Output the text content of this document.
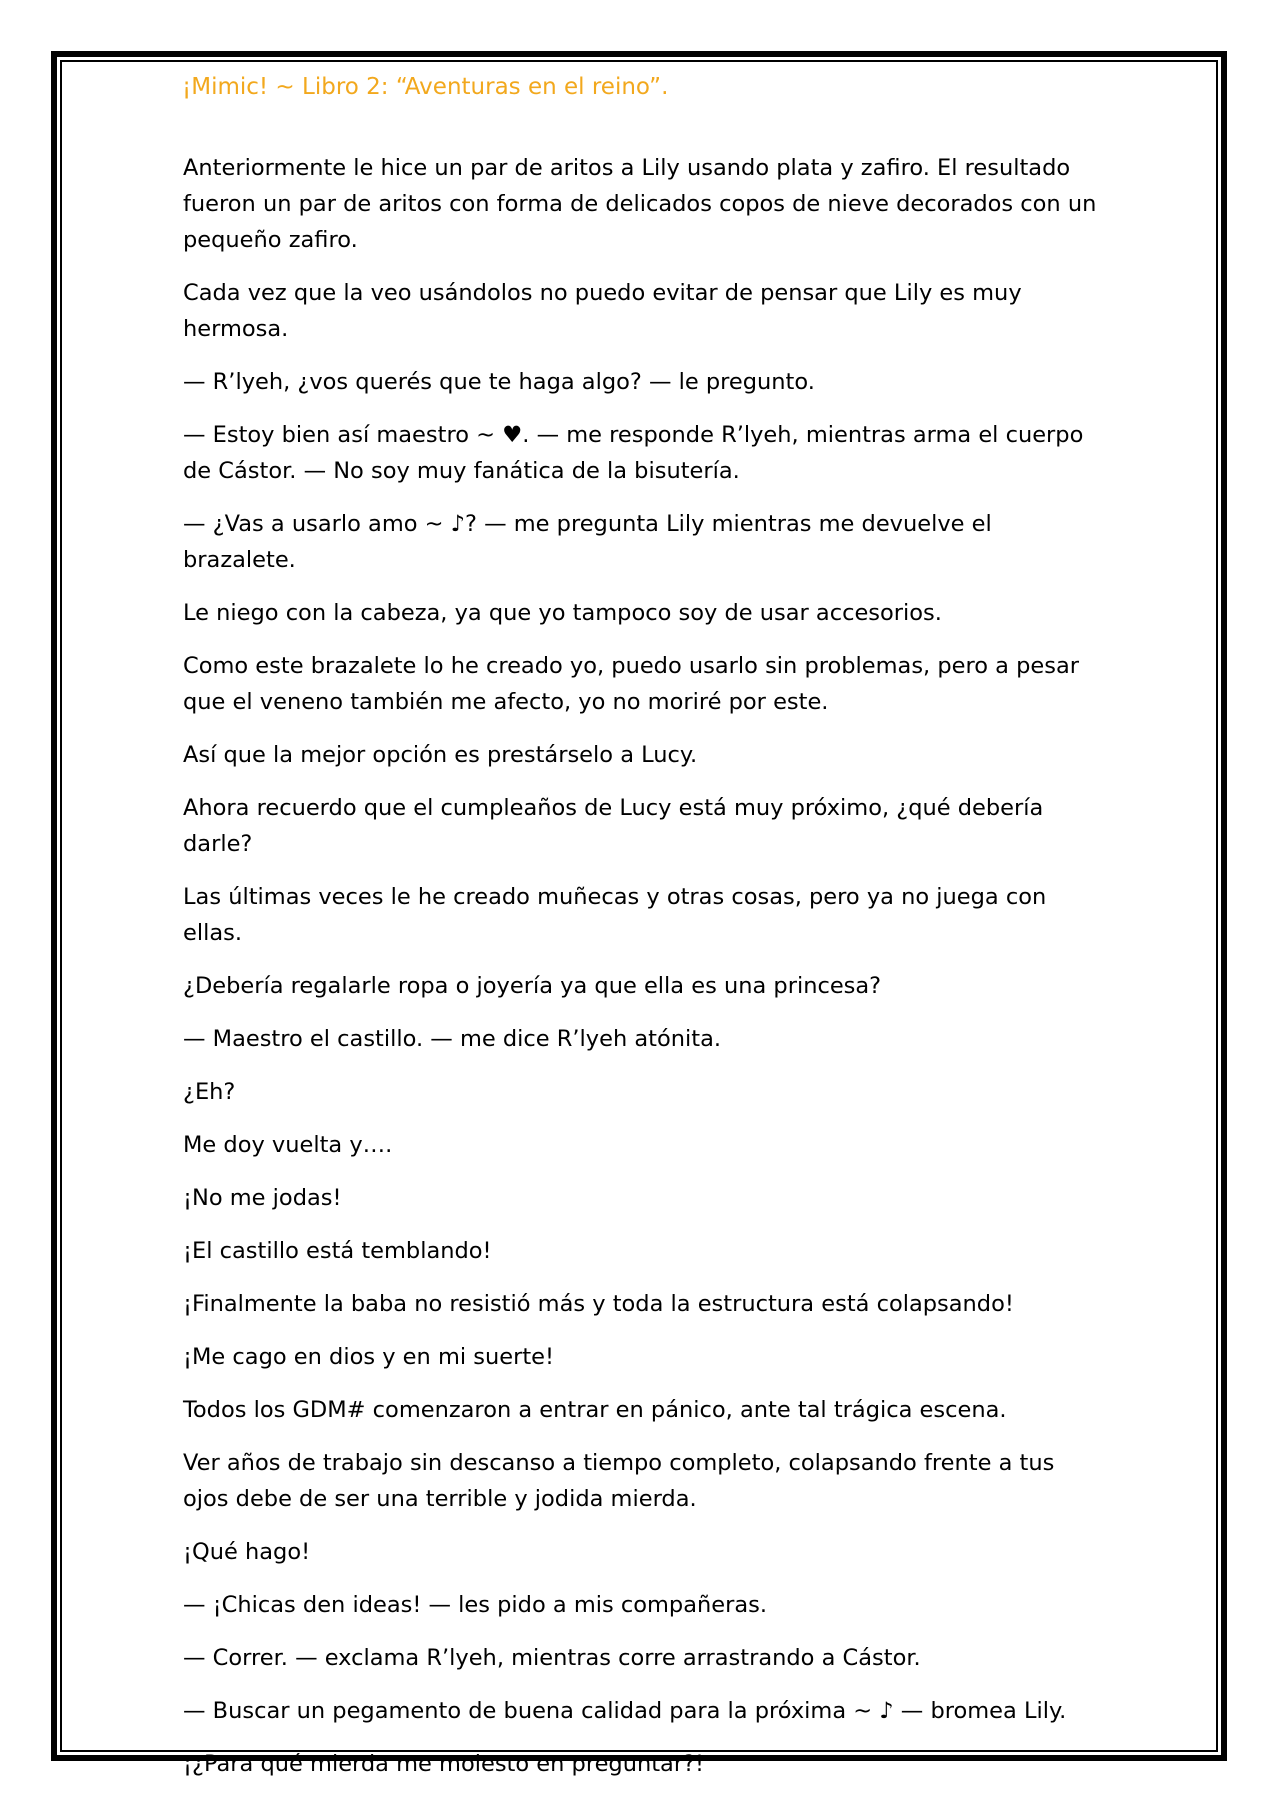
¡Mimic! ~ Libro 2: “Aventuras en el reino”.

Anteriormente le hice un par de aritos a Lily usando plata y zafiro. El resultado fueron un par de aritos con forma de delicados copos de nieve decorados con un pequeño zafiro.

Cada vez que la veo usándolos no puedo evitar de pensar que Lily es muy hermosa.

— R’lyeh, ¿vos querés que te haga algo? — le pregunto.

— Estoy bien así maestro ~ ♥. — me responde R’lyeh, mientras arma el cuerpo de Cástor. — No soy muy fanática de la bisutería.

— ¿Vas a usarlo amo ~ ♪? — me pregunta Lily mientras me devuelve el brazalete.

Le niego con la cabeza, ya que yo tampoco soy de usar accesorios.

Como este brazalete lo he creado yo, puedo usarlo sin problemas, pero a pesar que el veneno también me afecto, yo no moriré por este.

Así que la mejor opción es prestárselo a Lucy.

Ahora recuerdo que el cumpleaños de Lucy está muy próximo, ¿qué debería darle?

Las últimas veces le he creado muñecas y otras cosas, pero ya no juega con ellas.

¿Debería regalarle ropa o joyería ya que ella es una princesa?

— Maestro el castillo. — me dice R’lyeh atónita.

¿Eh?

Me doy vuelta y….

¡No me jodas!

¡El castillo está temblando!

¡Finalmente la baba no resistió más y toda la estructura está colapsando!

¡Me cago en dios y en mi suerte!

Todos los GDM# comenzaron a entrar en pánico, ante tal trágica escena.

Ver años de trabajo sin descanso a tiempo completo, colapsando frente a tus ojos debe de ser una terrible y jodida mierda.

¡Qué hago!

— ¡Chicas den ideas! — les pido a mis compañeras.

— Correr. — exclama R’lyeh, mientras corre arrastrando a Cástor.

— Buscar un pegamento de buena calidad para la próxima ~ ♪ — bromea Lily.

¡¿Para qué mierda me molesto en preguntar?!
